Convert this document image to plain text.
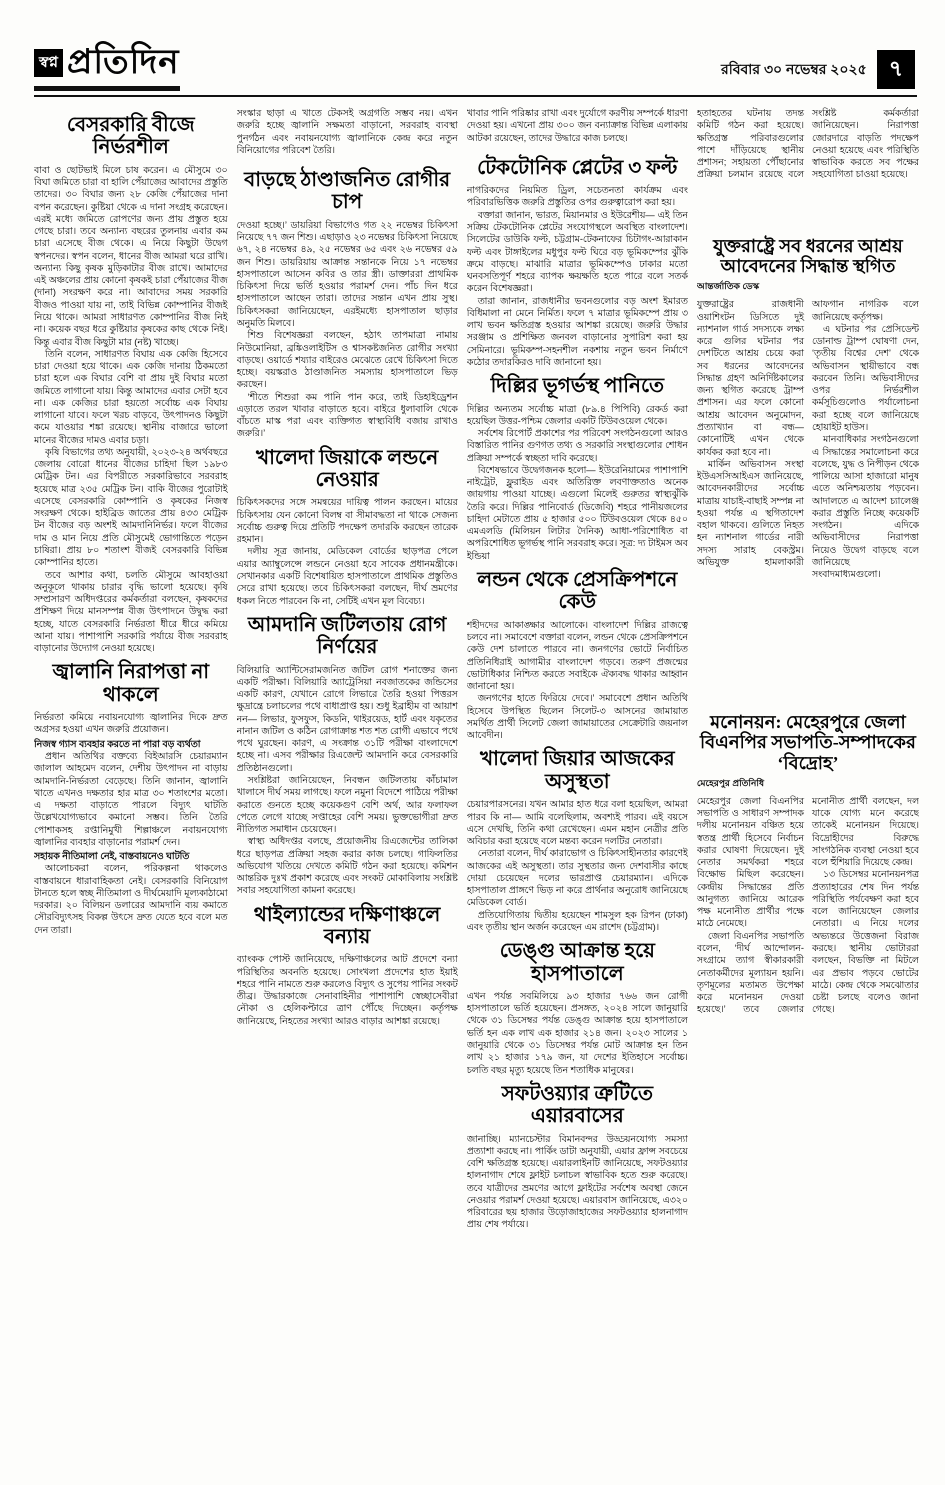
স্বপ্ন প্রতিদিন	রবিবার ৩০ নভেম্বর ২০২৫	৭
বেসরকারি বীজে নির্ভরশীল

বাবা ও ছোটভাই মিলে চাষ করেন। এ মৌসুমে ৩০ বিঘা জমিতে চারা বা হালি পেঁয়াজের আবাদের প্রস্তুতি তাদের। ৩০ বিঘার জন্য ২৮ কেজি পেঁয়াজের দানা বপন করেছেন। কুষ্টিয়া থেকে এ দানা সংগ্রহ করেছেন। এরই মধ্যে জমিতে রোপণের জন্য প্রায় প্রস্তুত হয়ে গেছে চারা। তবে অন্যান্য বছরের তুলনায় এবার কম চারা এসেছে বীজ থেকে। এ নিয়ে কিছুটা উদ্বেগ স্বপনদের। স্বপন বলেন, ধানের বীজ আমরা ঘরে রাখি। অন্যান্য কিছু কৃষক মুড়িকাটার বীজ রাখে। আমাদের এই অঞ্চলের প্রায় কোনো কৃষকই চারা পেঁয়াজের বীজ (দানা) সংরক্ষণ করে না। আবাদের সময় সরকারি বীজও পাওয়া যায় না, তাই বিভিন্ন কোম্পানির বীজই নিয়ে থাকে। আমরা সাধারণত কোম্পানির বীজ নিই না। কয়েক বছর ধরে কুষ্টিয়ার কৃষকের কাছ থেকে নিই। কিন্তু এবার বীজ কিছুটা মার (নষ্ট) খাচ্ছে।

তিনি বলেন, সাধারণত বিঘায় এক কেজি হিসেবে চারা দেওয়া হয়ে থাকে। এক কেজি দানায় ঠিকমতো চারা হলে এক বিঘার বেশি বা প্রায় দুই বিঘার মতো জমিতে লাগানো যায়। কিন্তু আমাদের এবার সেটা হবে না। এক কেজির চারা হয়তো সর্বোচ্চ এক বিঘায় লাগানো যাবে। ফলে খরচ বাড়বে, উৎপাদনও কিছুটা কমে যাওয়ার শঙ্কা রয়েছে। স্থানীয় বাজারে ভালো মানের বীজের দামও এবার চড়া।

কৃষি বিভাগের তথ্য অনুযায়ী, ২০২৩-২৪ অর্থবছরে জেলায় বোরো ধানের বীজের চাহিদা ছিল ১৯৮৩ মেট্রিক টন। এর বিপরীতে সরকারিভাবে সরবরাহ হয়েছে মাত্র ২৩৫ মেট্রিক টন। বাকি বীজের পুরোটাই এসেছে বেসরকারি কোম্পানি ও কৃষকের নিজস্ব সংরক্ষণ থেকে। হাইব্রিড জাতের প্রায় ৪৩৩ মেট্রিক টন বীজের বড় অংশই আমদানিনির্ভর। ফলে বীজের দাম ও মান নিয়ে প্রতি মৌসুমেই ভোগান্তিতে পড়েন চাষিরা। প্রায় ৮০ শতাংশ বীজই বেসরকারি বিভিন্ন কোম্পানির হাতে।

তবে আশার কথা, চলতি মৌসুমে আবহাওয়া অনুকূলে থাকায় চারার বৃদ্ধি ভালো হয়েছে। কৃষি সম্প্রসারণ অধিদপ্তরের কর্মকর্তারা বলছেন, কৃষকদের প্রশিক্ষণ দিয়ে মানসম্পন্ন বীজ উৎপাদনে উদ্বুদ্ধ করা হচ্ছে, যাতে বেসরকারি নির্ভরতা ধীরে ধীরে কমিয়ে আনা যায়। পাশাপাশি সরকারি পর্যায়ে বীজ সরবরাহ বাড়ানোর উদ্যোগ নেওয়া হয়েছে।

জ্বালানি নিরাপত্তা না থাকলে

নির্ভরতা কমিয়ে নবায়নযোগ্য জ্বালানির দিকে দ্রুত অগ্রসর হওয়া এখন জরুরি প্রয়োজন।

নিজস্ব গ্যাস ব্যবহার করতে না পারা বড় ব্যর্থতা

প্রধান অতিথির বক্তব্যে বিইআরসি চেয়ারম্যান জালাল আহমেদ বলেন, দেশীয় উৎপাদন না বাড়ায় আমদানি-নির্ভরতা বেড়েছে। তিনি জানান, জ্বালানি খাতে এখনও দক্ষতার হার মাত্র ৩০ শতাংশের মতো। এ দক্ষতা বাড়াতে পারলে বিদ্যুৎ ঘাটতি উল্লেখযোগ্যভাবে কমানো সম্ভব। তিনি তৈরি পোশাকসহ রপ্তানিমুখী শিল্পাঞ্চলে নবায়নযোগ্য জ্বালানির ব্যবহার বাড়ানোর পরামর্শ দেন।

সহায়ক নীতিমালা নেই, বাস্তবায়নেও ঘাটতি

আলোচকরা বলেন, পরিকল্পনা থাকলেও বাস্তবায়নে ধারাবাহিকতা নেই। বেসরকারি বিনিয়োগ টানতে হলে স্বচ্ছ নীতিমালা ও দীর্ঘমেয়াদি মূল্যকাঠামো দরকার। ২০ বিলিয়ন ডলারের আমদানি ব্যয় কমাতে সৌরবিদ্যুৎসহ বিকল্প উৎসে দ্রুত যেতে হবে বলে মত দেন তারা।

সংস্কার ছাড়া এ খাতে টেকসই অগ্রগতি সম্ভব নয়। এখন জরুরি হচ্ছে জ্বালানি সক্ষমতা বাড়ানো, সরবরাহ ব্যবস্থা পুনর্গঠন এবং নবায়নযোগ্য জ্বালানিকে কেন্দ্র করে নতুন বিনিয়োগের পরিবেশ তৈরি।

বাড়ছে ঠাণ্ডাজনিত রোগীর চাপ

দেওয়া হচ্ছে।’ ডায়রিয়া বিভাগেও গত ২২ নভেম্বর চিকিৎসা নিয়েছে ৭৭ জন শিশু। এছাড়াও ২৩ নভেম্বর চিকিৎসা নিয়েছে ৬৭, ২৪ নভেম্বর ৪৯, ২৫ নভেম্বর ৬৫ এবং ২৬ নভেম্বর ৫৯ জন শিশু। ডায়রিয়ায় আক্রান্ত সন্তানকে নিয়ে ১৭ নভেম্বর হাসপাতালে আসেন কবির ও তার স্ত্রী। ডাক্তাররা প্রাথমিক চিকিৎসা দিয়ে ভর্তি হওয়ার পরামর্শ দেন। পাঁচ দিন ধরে হাসপাতালে আছেন তারা। তাদের সন্তান এখন প্রায় সুস্থ। চিকিৎসকরা জানিয়েছেন, এরইমধ্যে হাসপাতাল ছাড়ার অনুমতি মিলবে।

শিশু বিশেষজ্ঞরা বলছেন, হঠাৎ তাপমাত্রা নামায় নিউমোনিয়া, ব্রঙ্কিওলাইটিস ও শ্বাসকষ্টজনিত রোগীর সংখ্যা বাড়ছে। ওয়ার্ডে শয্যার বাইরেও মেঝেতে রেখে চিকিৎসা দিতে হচ্ছে। বয়স্করাও ঠাণ্ডাজনিত সমস্যায় হাসপাতালে ভিড় করছেন।

‘শীতে শিশুরা কম পানি পান করে, তাই ডিহাইড্রেশন এড়াতে তরল খাবার বাড়াতে হবে। বাইরে ধুলাবালি থেকে বাঁচতে মাস্ক পরা এবং ব্যক্তিগত স্বাস্থ্যবিধি বজায় রাখাও জরুরি।’

খালেদা জিয়াকে লন্ডনে নেওয়ার

চিকিৎসকদের সঙ্গে সমন্বয়ের দায়িত্ব পালন করছেন। মায়ের চিকিৎসায় যেন কোনো বিলম্ব বা সীমাবদ্ধতা না থাকে সেজন্য সর্বোচ্চ গুরুত্ব দিয়ে প্রতিটি পদক্ষেপ তদারকি করছেন তারেক রহমান।

দলীয় সূত্র জানায়, মেডিকেল বোর্ডের ছাড়পত্র পেলে এয়ার অ্যাম্বুলেন্সে লন্ডনে নেওয়া হবে সাবেক প্রধানমন্ত্রীকে। সেখানকার একটি বিশেষায়িত হাসপাতালে প্রাথমিক প্রস্তুতিও সেরে রাখা হয়েছে। তবে চিকিৎসকরা বলছেন, দীর্ঘ ভ্রমণের ধকল নিতে পারবেন কি না, সেটিই এখন মূল বিবেচ্য।

আমদানি জটিলতায় রোগ নির্ণয়ের

বিলিয়ারি অ্যান্টিসেরামজনিত জটিল রোগ শনাক্তের জন্য একটি পরীক্ষা। বিলিয়ারি অ্যাট্রেসিয়া নবজাতকের জন্ডিসের একটি কারণ, যেখানে রোগে লিভারে তৈরি হওয়া পিত্তরস ক্ষুদ্রান্ত্রে চলাচলের পথে বাধাপ্রাপ্ত হয়। শুধু ইব্রাহীম বা আয়াশ নন— লিভার, ফুসফুস, কিডনি, থাইরয়েড, হার্ট এবং যকৃতের নানান জটিল ও কঠিন রোগাক্রান্ত শত শত রোগী এভাবে পথে পথে ঘুরছেন। কারণ, এ সংক্রান্ত ৩১টি পরীক্ষা বাংলাদেশে হচ্ছে না। এসব পরীক্ষার রিএজেন্ট আমদানি করে বেসরকারি প্রতিষ্ঠানগুলো।

সংশ্লিষ্টরা জানিয়েছেন, নিবন্ধন জটিলতায় কাঁচামাল খালাসে দীর্ঘ সময় লাগছে। ফলে নমুনা বিদেশে পাঠিয়ে পরীক্ষা করাতে গুনতে হচ্ছে কয়েকগুণ বেশি অর্থ, আর ফলাফল পেতে লেগে যাচ্ছে সপ্তাহের বেশি সময়। ভুক্তভোগীরা দ্রুত নীতিগত সমাধান চেয়েছেন।

স্বাস্থ্য অধিদপ্তর বলছে, প্রয়োজনীয় রিএজেন্টের তালিকা ধরে ছাড়পত্র প্রক্রিয়া সহজ করার কাজ চলছে। গাফিলতির অভিযোগ খতিয়ে দেখতে কমিটি গঠন করা হয়েছে। কমিশন আন্তরিক দুঃখ প্রকাশ করেছে এবং সংকট মোকাবিলায় সংশ্লিষ্ট সবার সহযোগিতা কামনা করেছে।

থাইল্যান্ডের দক্ষিণাঞ্চলে বন্যায়

ব্যাংকক পোস্ট জানিয়েছে, দক্ষিণাঞ্চলের আট প্রদেশে বন্যা পরিস্থিতির অবনতি হয়েছে। সোংখলা প্রদেশের হাত ইয়াই শহরে পানি নামতে শুরু করলেও বিদ্যুৎ ও সুপেয় পানির সংকট তীব্র। উদ্ধারকাজে সেনাবাহিনীর পাশাপাশি স্বেচ্ছাসেবীরা নৌকা ও হেলিকপ্টারে ত্রাণ পৌঁছে দিচ্ছেন। কর্তৃপক্ষ জানিয়েছে, নিহতের সংখ্যা আরও বাড়ার আশঙ্কা রয়েছে।

খাবার পানি পরিষ্কার রাখা এবং দুর্যোগে করণীয় সম্পর্কে ধারণা দেওয়া হয়। এখনো প্রায় ৩০০ জন বন্যাক্রান্ত বিভিন্ন এলাকায় আটকা রয়েছেন, তাদের উদ্ধারে কাজ চলছে।

টেকটোনিক প্লেটের ৩ ফল্ট

নাগরিকদের নিয়মিত ড্রিল, সচেতনতা কার্যক্রম এবং পরিবারভিত্তিক জরুরি প্রস্তুতির ওপর গুরুত্বারোপ করা হয়।

বক্তারা জানান, ভারত, মিয়ানমার ও ইউরেশীয়— এই তিন সক্রিয় টেকটোনিক প্লেটের সংযোগস্থলে অবস্থিত বাংলাদেশ। সিলেটের ডাউকি ফল্ট, চট্টগ্রাম-টেকনাফের চিটাগং-আরাকান ফল্ট এবং টাঙ্গাইলের মধুপুর ফল্ট ঘিরে বড় ভূমিকম্পের ঝুঁকি ক্রমে বাড়ছে। মাঝারি মাত্রার ভূমিকম্পেও ঢাকার মতো ঘনবসতিপূর্ণ শহরে ব্যাপক ক্ষয়ক্ষতি হতে পারে বলে সতর্ক করেন বিশেষজ্ঞরা।

তারা জানান, রাজধানীর ভবনগুলোর বড় অংশ ইমারত বিধিমালা না মেনে নির্মিত। ফলে ৭ মাত্রার ভূমিকম্পে প্রায় ৩ লাখ ভবন ক্ষতিগ্রস্ত হওয়ার আশঙ্কা রয়েছে। জরুরি উদ্ধার সরঞ্জাম ও প্রশিক্ষিত জনবল বাড়ানোর সুপারিশ করা হয় সেমিনারে। ভূমিকম্প-সহনশীল নকশায় নতুন ভবন নির্মাণে কঠোর তদারকিরও দাবি জানানো হয়।

দিল্লির ভূগর্ভস্থ পানিতে

দিল্লির অন্যতম সর্বোচ্চ মাত্রা (৮৯.৪ পিপিবি) রেকর্ড করা হয়েছিল উত্তর-পশ্চিম জেলার একটি টিউবওয়েল থেকে।

সর্বশেষ রিপোর্ট প্রকাশের পর পরিবেশ সংগঠনগুলো আরও বিস্তারিত পানির গুণগত তথ্য ও সরকারি সংস্থাগুলোর শোধন প্রক্রিয়া সম্পর্কে স্বচ্ছতা দাবি করেছে।

বিশেষভাবে উদ্বেগজনক হলো— ইউরেনিয়ামের পাশাপাশি নাইট্রেট, ফ্লুরাইড এবং অতিরিক্ত লবণাক্ততাও অনেক জায়গায় পাওয়া যাচ্ছে। এগুলো মিলেই গুরুতর স্বাস্থ্যঝুঁকি তৈরি করে। দিল্লির পানিবোর্ড (ডিজেবি) শহরে পানীয়জলের চাহিদা মেটাতে প্রায় ৫ হাজার ৫০০ টিউবওয়েল থেকে ৪৫০ এমএলডি (মিলিয়ন লিটার দৈনিক) আধা-পরিশোধিত বা অপরিশোধিত ভূগর্ভস্থ পানি সরবরাহ করে। সূত্র: দ্য টাইমস অব ইন্ডিয়া

লন্ডন থেকে প্রেসক্রিপশনে কেউ

শহীদদের আকাঙ্ক্ষার আলোকে। বাংলাদেশ দিল্লির রাজত্বে চলবে না। সমাবেশে বক্তারা বলেন, লন্ডন থেকে প্রেসক্রিপশনে কেউ দেশ চালাতে পারবে না। জনগণের ভোটে নির্বাচিত প্রতিনিধিরাই আগামীর বাংলাদেশ গড়বে। তরুণ প্রজন্মের ভোটাধিকার নিশ্চিত করতে সবাইকে ঐক্যবদ্ধ থাকার আহ্বান জানানো হয়।

জনগণের হাতে ফিরিয়ে দেবে।’ সমাবেশে প্রধান অতিথি হিসেবে উপস্থিত ছিলেন সিলেট-৩ আসনের জামায়াত সমর্থিত প্রার্থী সিলেট জেলা জামায়াতের সেক্রেটারি জয়নাল আবেদীন।

খালেদা জিয়ার আজকের অসুস্থতা

চেয়ারপারসনের। যখন আমার হাত ধরে বলা হয়েছিল, আমরা পারব কি না— আমি বলেছিলাম, অবশ্যই পারব। এই বয়সে এসে দেখছি, তিনি কথা রেখেছেন। এমন মহান নেত্রীর প্রতি অবিচার করা হয়েছে বলে মন্তব্য করেন দলটির নেতারা।

নেতারা বলেন, দীর্ঘ কারাভোগ ও চিকিৎসাহীনতার কারণেই আজকের এই অসুস্থতা। তার সুস্থতার জন্য দেশবাসীর কাছে দোয়া চেয়েছেন দলের ভারপ্রাপ্ত চেয়ারম্যান। এদিকে হাসপাতাল প্রাঙ্গণে ভিড় না করে প্রার্থনার অনুরোধ জানিয়েছে মেডিকেল বোর্ড।

প্রতিযোগিতায় দ্বিতীয় হয়েছেন শামসুল হক রিপন (ঢাকা) এবং তৃতীয় স্থান অর্জন করেছেন এম রাশেদ (চট্টগ্রাম)।

ডেঙ্গু আক্রান্ত হয়ে হাসপাতালে

এখন পর্যন্ত সবমিলিয়ে ৯৩ হাজার ৭৬৬ জন রোগী হাসপাতালে ভর্তি হয়েছেন। প্রসঙ্গত, ২০২৪ সালে জানুয়ারি থেকে ৩১ ডিসেম্বর পর্যন্ত ডেঙ্গু আক্রান্ত হয়ে হাসপাতালে ভর্তি হন এক লাখ এক হাজার ২১৪ জন। ২০২৩ সালের ১ জানুয়ারি থেকে ৩১ ডিসেম্বর পর্যন্ত মোট আক্রান্ত হন তিন লাখ ২১ হাজার ১৭৯ জন, যা দেশের ইতিহাসে সর্বোচ্চ। চলতি বছর মৃত্যু হয়েছে তিন শতাধিক মানুষের।

সফটওয়্যার ত্রুটিতে এয়ারবাসের

জানাচ্ছি। ম্যানচেস্টার বিমানবন্দর উড্ডয়নযোগ্য সমস্যা প্রত্যাশা করছে না। পার্কিং ডাটা অনুযায়ী, এয়ার ফ্রান্স সবচেয়ে বেশি ক্ষতিগ্রস্ত হয়েছে। এয়ারলাইনটি জানিয়েছে, সফটওয়্যার হালনাগাদ শেষে ফ্লাইট চলাচল স্বাভাবিক হতে শুরু করেছে। তবে যাত্রীদের ভ্রমণের আগে ফ্লাইটের সর্বশেষ অবস্থা জেনে নেওয়ার পরামর্শ দেওয়া হয়েছে। এয়ারবাস জানিয়েছে, এ৩২০ পরিবারের ছয় হাজার উড়োজাহাজের সফটওয়্যার হালনাগাদ প্রায় শেষ পর্যায়ে।

হতাহতের ঘটনায় তদন্ত কমিটি গঠন করা হয়েছে। ক্ষতিগ্রস্ত পরিবারগুলোর পাশে দাঁড়িয়েছে স্থানীয় প্রশাসন; সহায়তা পৌঁছানোর প্রক্রিয়া চলমান রয়েছে বলে সংশ্লিষ্ট কর্মকর্তারা জানিয়েছেন। নিরাপত্তা জোরদারে বাড়তি পদক্ষেপ নেওয়া হয়েছে এবং পরিস্থিতি স্বাভাবিক করতে সব পক্ষের সহযোগিতা চাওয়া হয়েছে।

যুক্তরাষ্ট্রে সব ধরনের আশ্রয় আবেদনের সিদ্ধান্ত স্থগিত
আন্তর্জাতিক ডেস্ক

যুক্তরাষ্ট্রের রাজধানী ওয়াশিংটন ডিসিতে দুই ন্যাশনাল গার্ড সদস্যকে লক্ষ্য করে গুলির ঘটনার পর দেশটিতে আশ্রয় চেয়ে করা সব ধরনের আবেদনের সিদ্ধান্ত গ্রহণ অনির্দিষ্টকালের জন্য স্থগিত করেছে ট্রাম্প প্রশাসন। এর ফলে কোনো আশ্রয় আবেদন অনুমোদন, প্রত্যাখ্যান বা বন্ধ— কোনোটিই এখন থেকে কার্যকর করা হবে না।

মার্কিন অভিবাসন সংস্থা ইউএসসিআইএস জানিয়েছে, আবেদনকারীদের সর্বোচ্চ মাত্রায় যাচাই-বাছাই সম্পন্ন না হওয়া পর্যন্ত এ স্থগিতাদেশ বহাল থাকবে। গুলিতে নিহত হন ন্যাশনাল গার্ডের নারী সদস্য সারাহ বেকস্ট্রম। অভিযুক্ত হামলাকারী আফগান নাগরিক বলে জানিয়েছে কর্তৃপক্ষ।

এ ঘটনার পর প্রেসিডেন্ট ডোনাল্ড ট্রাম্প ঘোষণা দেন, ‘তৃতীয় বিশ্বের দেশ’ থেকে অভিবাসন স্থায়ীভাবে বন্ধ করবেন তিনি। অভিবাসীদের ওপর নির্ভরশীল কর্মসূচিগুলোও পর্যালোচনা করা হচ্ছে বলে জানিয়েছে হোয়াইট হাউস।

মানবাধিকার সংগঠনগুলো এ সিদ্ধান্তের সমালোচনা করে বলেছে, যুদ্ধ ও নিপীড়ন থেকে পালিয়ে আসা হাজারো মানুষ এতে অনিশ্চয়তায় পড়বেন। আদালতে এ আদেশ চ্যালেঞ্জ করার প্রস্তুতি নিচ্ছে কয়েকটি সংগঠন। এদিকে অভিবাসীদের নিরাপত্তা নিয়েও উদ্বেগ বাড়ছে বলে জানিয়েছে সংবাদমাধ্যমগুলো।

মনোনয়ন: মেহেরপুরে জেলা বিএনপির সভাপতি-সম্পাদকের ‘বিদ্রোহ’
মেহেরপুর প্রতিনিধি

মেহেরপুর জেলা বিএনপির সভাপতি ও সাধারণ সম্পাদক দলীয় মনোনয়ন বঞ্চিত হয়ে স্বতন্ত্র প্রার্থী হিসেবে নির্বাচন করার ঘোষণা দিয়েছেন। দুই নেতার সমর্থকরা শহরে বিক্ষোভ মিছিল করেছেন। কেন্দ্রীয় সিদ্ধান্তের প্রতি আনুগত্য জানিয়ে আরেক পক্ষ মনোনীত প্রার্থীর পক্ষে মাঠে নেমেছে।

জেলা বিএনপির সভাপতি বলেন, ‘দীর্ঘ আন্দোলন-সংগ্রামে ত্যাগ স্বীকারকারী নেতাকর্মীদের মূল্যায়ন হয়নি। তৃণমূলের মতামত উপেক্ষা করে মনোনয়ন দেওয়া হয়েছে।’ তবে জেলার মনোনীত প্রার্থী বলছেন, দল যাকে যোগ্য মনে করেছে তাকেই মনোনয়ন দিয়েছে। বিদ্রোহীদের বিরুদ্ধে সাংগঠনিক ব্যবস্থা নেওয়া হবে বলে হুঁশিয়ারি দিয়েছে কেন্দ্র।

১৩ ডিসেম্বর মনোনয়নপত্র প্রত্যাহারের শেষ দিন পর্যন্ত পরিস্থিতি পর্যবেক্ষণ করা হবে বলে জানিয়েছেন জেলার নেতারা। এ নিয়ে দলের অভ্যন্তরে উত্তেজনা বিরাজ করছে। স্থানীয় ভোটাররা বলছেন, বিভক্তি না মিটলে এর প্রভাব পড়বে ভোটের মাঠে। কেন্দ্র থেকে সমঝোতার চেষ্টা চলছে বলেও জানা গেছে।
